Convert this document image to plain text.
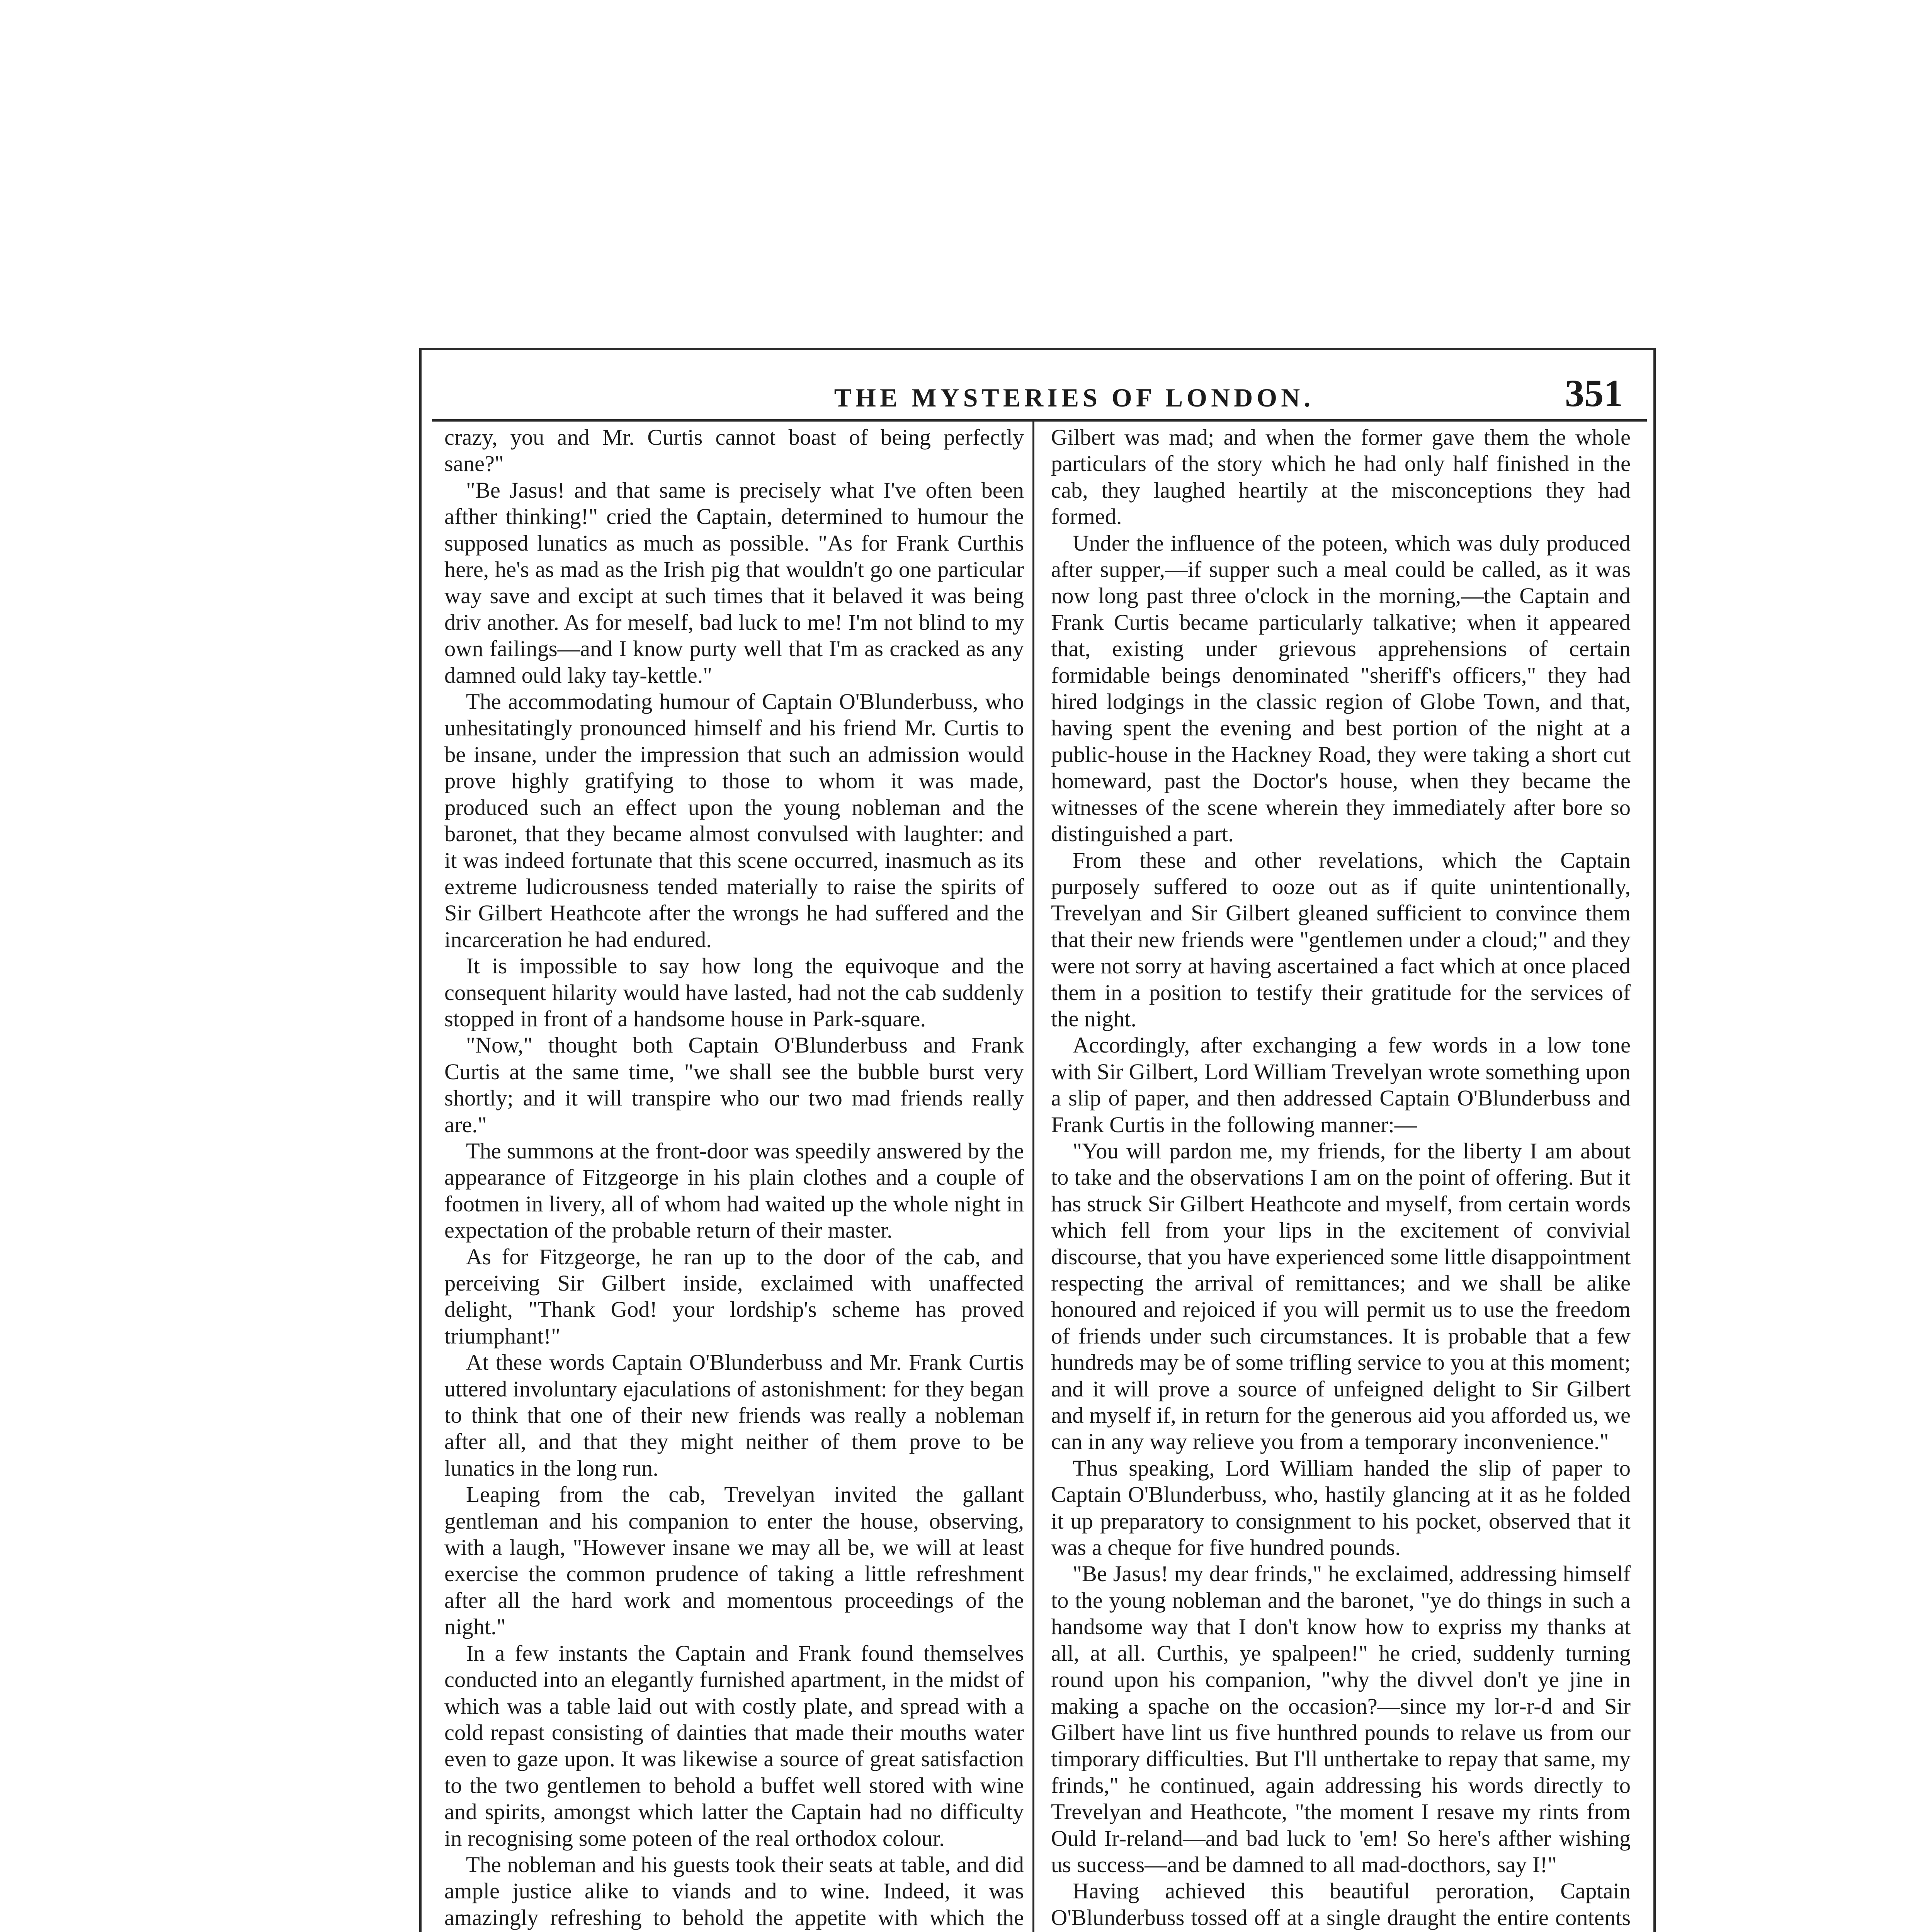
THE MYSTERIES OF LONDON.	351

crazy, you and Mr. Curtis cannot boast of being perfectly sane?"

"Be Jasus! and that same is precisely what I've often been afther thinking!" cried the Captain, determined to humour the supposed lunatics as much as possible. "As for Frank Curthis here, he's as mad as the Irish pig that wouldn't go one particular way save and excipt at such times that it belaved it was being driv another. As for meself, bad luck to me! I'm not blind to my own failings—and I know purty well that I'm as cracked as any damned ould laky tay-kettle."

The accommodating humour of Captain O'Blunderbuss, who unhesitatingly pronounced himself and his friend Mr. Curtis to be insane, under the impression that such an admission would prove highly gratifying to those to whom it was made, produced such an effect upon the young nobleman and the baronet, that they became almost convulsed with laughter: and it was indeed fortunate that this scene occurred, inasmuch as its extreme ludicrousness tended materially to raise the spirits of Sir Gilbert Heathcote after the wrongs he had suffered and the incarceration he had endured.

It is impossible to say how long the equivoque and the consequent hilarity would have lasted, had not the cab suddenly stopped in front of a handsome house in Park-square.

"Now," thought both Captain O'Blunderbuss and Frank Curtis at the same time, "we shall see the bubble burst very shortly; and it will transpire who our two mad friends really are."

The summons at the front-door was speedily answered by the appearance of Fitzgeorge in his plain clothes and a couple of footmen in livery, all of whom had waited up the whole night in expectation of the probable return of their master.

As for Fitzgeorge, he ran up to the door of the cab, and perceiving Sir Gilbert inside, exclaimed with unaffected delight, "Thank God! your lordship's scheme has proved triumphant!"

At these words Captain O'Blunderbuss and Mr. Frank Curtis uttered involuntary ejaculations of astonishment: for they began to think that one of their new friends was really a nobleman after all, and that they might neither of them prove to be lunatics in the long run.

Leaping from the cab, Trevelyan invited the gallant gentleman and his companion to enter the house, observing, with a laugh, "However insane we may all be, we will at least exercise the common prudence of taking a little refreshment after all the hard work and momentous proceedings of the night."

In a few instants the Captain and Frank found themselves conducted into an elegantly furnished apartment, in the midst of which was a table laid out with costly plate, and spread with a cold repast consisting of dainties that made their mouths water even to gaze upon. It was likewise a source of great satisfaction to the two gentlemen to behold a buffet well stored with wine and spirits, amongst which latter the Captain had no difficulty in recognising some poteen of the real orthodox colour.

The nobleman and his guests took their seats at table, and did ample justice alike to viands and to wine. Indeed, it was amazingly refreshing to behold the appetite with which the

Gilbert was mad; and when the former gave them the whole particulars of the story which he had only half finished in the cab, they laughed heartily at the misconceptions they had formed.

Under the influence of the poteen, which was duly produced after supper,—if supper such a meal could be called, as it was now long past three o'clock in the morning,—the Captain and Frank Curtis became particularly talkative; when it appeared that, existing under grievous apprehensions of certain formidable beings denominated "sheriff's officers," they had hired lodgings in the classic region of Globe Town, and that, having spent the evening and best portion of the night at a public-house in the Hackney Road, they were taking a short cut homeward, past the Doctor's house, when they became the witnesses of the scene wherein they immediately after bore so distinguished a part.

From these and other revelations, which the Captain purposely suffered to ooze out as if quite unintentionally, Trevelyan and Sir Gilbert gleaned sufficient to convince them that their new friends were "gentlemen under a cloud;" and they were not sorry at having ascertained a fact which at once placed them in a position to testify their gratitude for the services of the night.

Accordingly, after exchanging a few words in a low tone with Sir Gilbert, Lord William Trevelyan wrote something upon a slip of paper, and then addressed Captain O'Blunderbuss and Frank Curtis in the following manner:—

"You will pardon me, my friends, for the liberty I am about to take and the observations I am on the point of offering. But it has struck Sir Gilbert Heathcote and myself, from certain words which fell from your lips in the excitement of convivial discourse, that you have experienced some little disappointment respecting the arrival of remittances; and we shall be alike honoured and rejoiced if you will permit us to use the freedom of friends under such circumstances. It is probable that a few hundreds may be of some trifling service to you at this moment; and it will prove a source of unfeigned delight to Sir Gilbert and myself if, in return for the generous aid you afforded us, we can in any way relieve you from a temporary inconvenience."

Thus speaking, Lord William handed the slip of paper to Captain O'Blunderbuss, who, hastily glancing at it as he folded it up preparatory to consignment to his pocket, observed that it was a cheque for five hundred pounds.

"Be Jasus! my dear frinds," he exclaimed, addressing himself to the young nobleman and the baronet, "ye do things in such a handsome way that I don't know how to expriss my thanks at all, at all. Curthis, ye spalpeen!" he cried, suddenly turning round upon his companion, "why the divvel don't ye jine in making a spache on the occasion?—since my lor-r-d and Sir Gilbert have lint us five hunthred pounds to relave us from our timporary difficulties. But I'll unthertake to repay that same, my frinds," he continued, again addressing his words directly to Trevelyan and Heathcote, "the moment I resave my rints from Ould Ir-reland—and bad luck to 'em! So here's afther wishing us success—and be damned to all mad-docthors, say I!"

Having achieved this beautiful peroration, Captain O'Blunderbuss tossed off at a single draught the entire contents
